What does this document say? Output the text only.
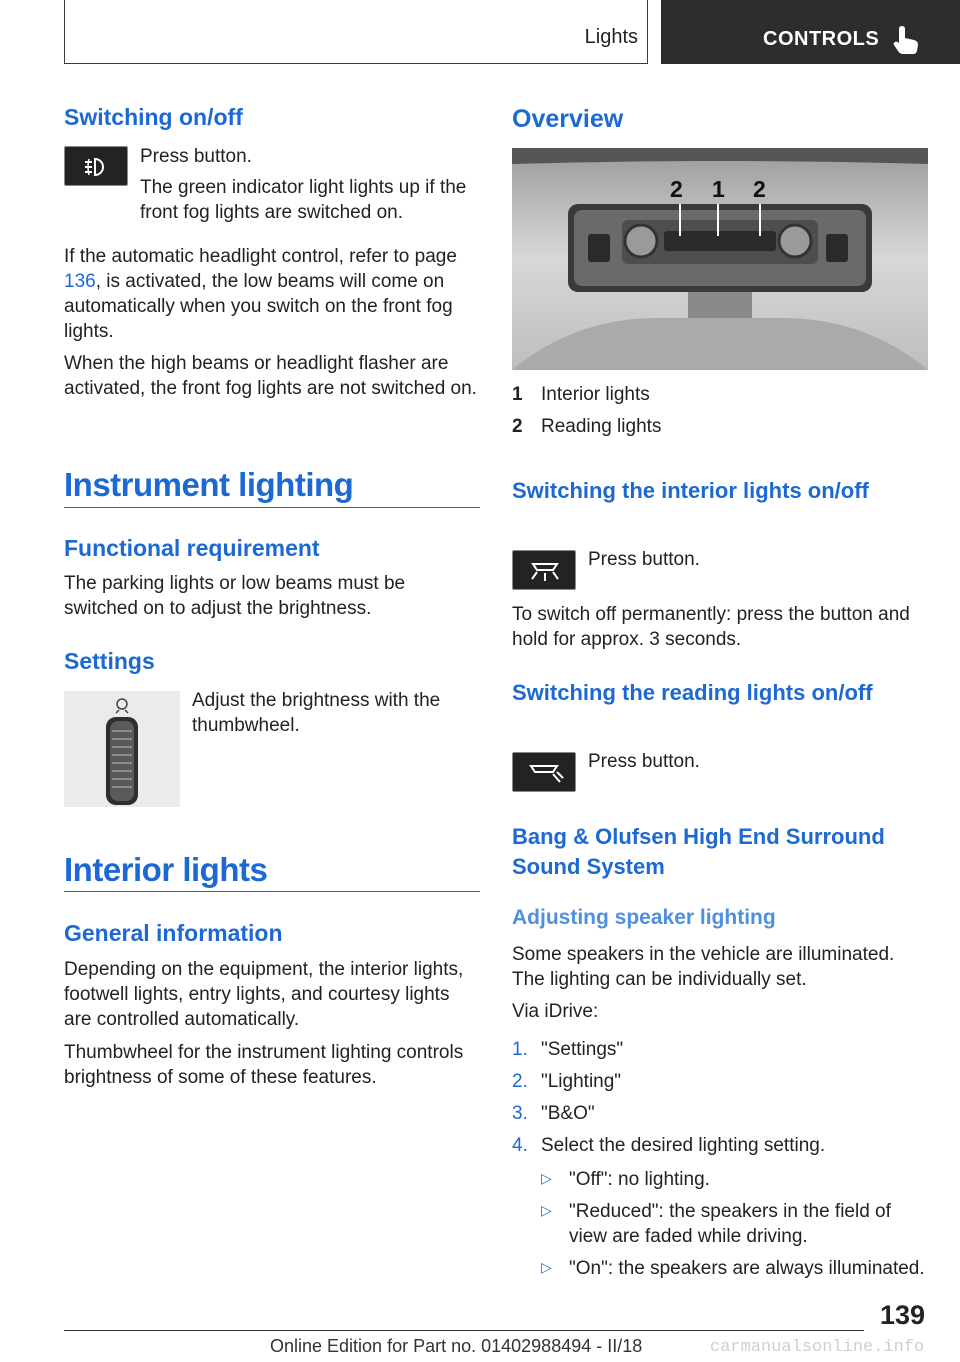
Lights	CONTROLS
Switching on/off
Press button.
The green indicator light lights up if the front fog lights are switched on.
If the automatic headlight control, refer to page 136, is activated, the low beams will come on automatically when you switch on the front fog lights.
When the high beams or headlight flasher are activated, the front fog lights are not switched on.
Instrument lighting
Functional requirement
The parking lights or low beams must be switched on to adjust the brightness.
Settings
Adjust the brightness with the thumbwheel.
Interior lights
General information
Depending on the equipment, the interior lights, footwell lights, entry lights, and courtesy lights are controlled automatically.
Thumbwheel for the instrument lighting controls brightness of some of these features.
Overview
2 1 2
1 Interior lights
2 Reading lights
Switching the interior lights on/off
Press button.
To switch off permanently: press the button and hold for approx. 3 seconds.
Switching the reading lights on/off
Press button.
Bang & Olufsen High End Surround Sound System
Adjusting speaker lighting
Some speakers in the vehicle are illuminated. The lighting can be individually set.
Via iDrive:
1. "Settings"
2. "Lighting"
3. "B&O"
4. Select the desired lighting setting.
▷ "Off": no lighting.
▷ "Reduced": the speakers in the field of view are faded while driving.
▷ "On": the speakers are always illuminated.
139
Online Edition for Part no. 01402988494 - II/18	carmanualsonline.info
